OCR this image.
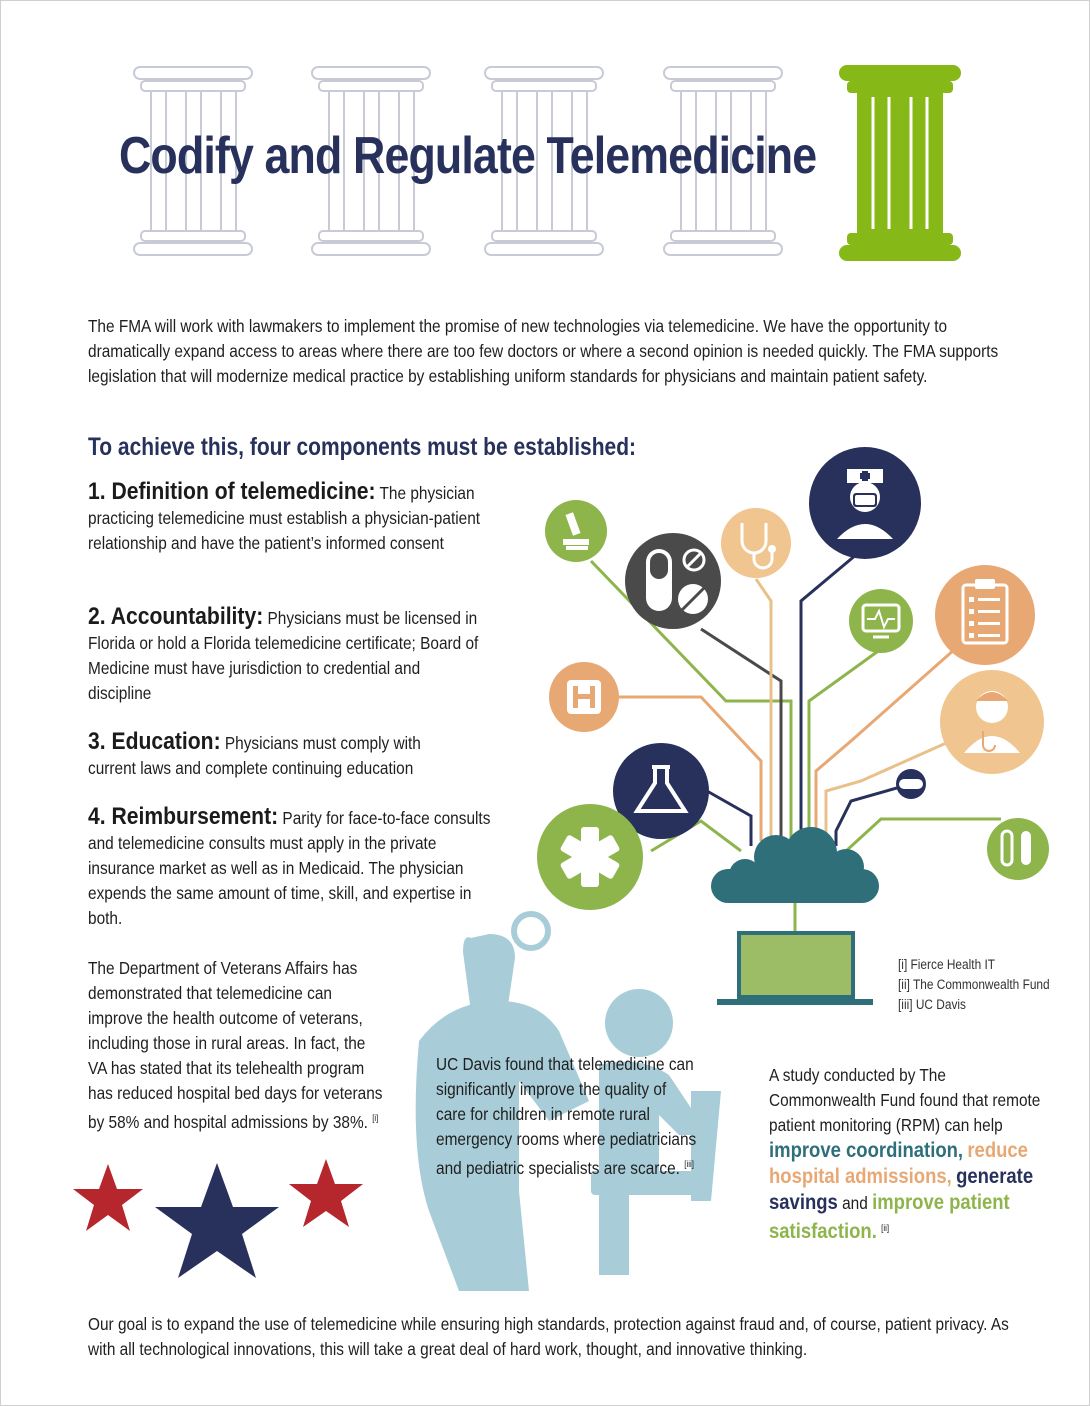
Codify and Regulate Telemedicine
The FMA will work with lawmakers to implement the promise of new technologies via telemedicine. We have the opportunity to dramatically expand access to areas where there are too few doctors or where a second opinion is needed quickly. The FMA supports legislation that will modernize medical practice by establishing uniform standards for physicians and maintain patient safety.
To achieve this, four components must be established:
1. Definition of telemedicine: The physician practicing telemedicine must establish a physician-patient relationship and have the patient’s informed consent
2. Accountability: Physicians must be licensed in Florida or hold a Florida telemedicine certificate; Board of Medicine must have jurisdiction to credential and discipline
3. Education: Physicians must comply with current laws and complete continuing education
4. Reimbursement: Parity for face-to-face consults and telemedicine consults must apply in the private insurance market as well as in Medicaid. The physician expends the same amount of time, skill, and expertise in both.
The Department of Veterans Affairs has demonstrated that telemedicine can improve the health outcome of veterans, including those in rural areas. In fact, the VA has stated that its telehealth program has reduced hospital bed days for veterans by 58% and hospital admissions by 38%. [i]
UC Davis found that telemedicine can significantly improve the quality of care for children in remote rural emergency rooms where pediatricians and pediatric specialists are scarce. [iii]
A study conducted by The Commonwealth Fund found that remote patient monitoring (RPM) can help improve coordination, reduce hospital admissions, generate savings and improve patient satisfaction. [ii]
[i] Fierce Health IT
[ii] The Commonwealth Fund
[iii] UC Davis
Our goal is to expand the use of telemedicine while ensuring high standards, protection against fraud and, of course, patient privacy. As with all technological innovations, this will take a great deal of hard work, thought, and innovative thinking.
